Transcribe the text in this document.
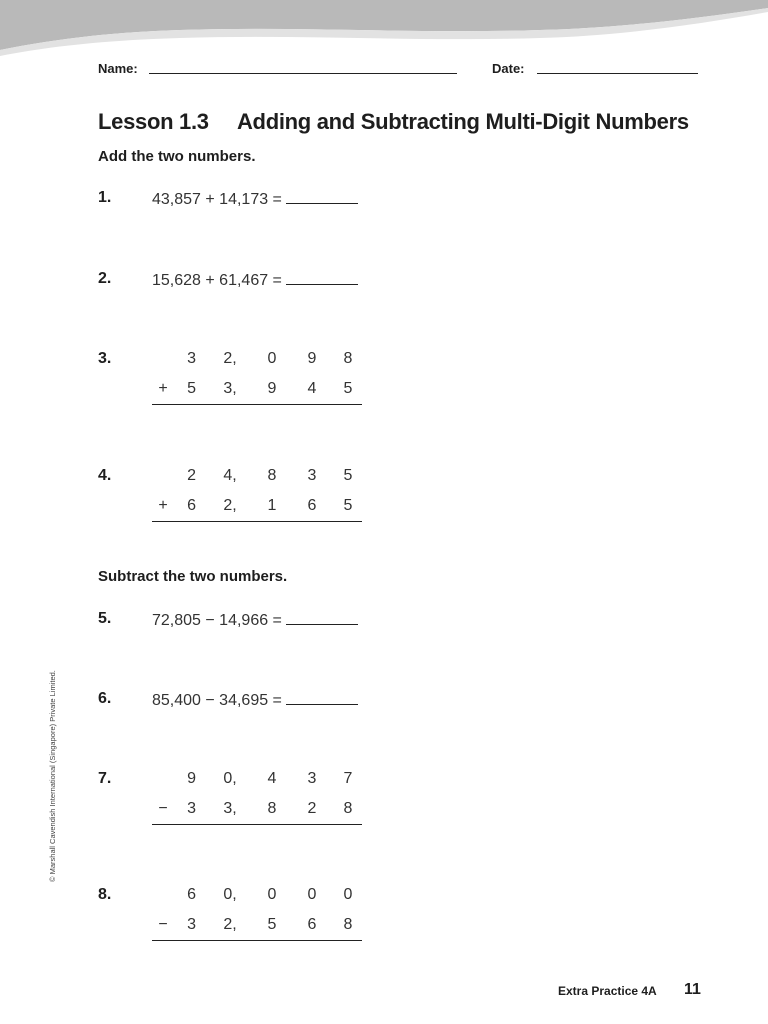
Name:	Date:
Lesson 1.3     Adding and Subtracting Multi-Digit Numbers
Add the two numbers.
1.	43,857 + 14,173 =
2.	15,628 + 61,467 =
3.	3	2,	0	9	8
+	5	3,	9	4	5
4.	2	4,	8	3	5
+	6	2,	1	6	5
Subtract the two numbers.
5.	72,805 − 14,966 =
6.	85,400 − 34,695 =
7.	9	0,	4	3	7
−	3	3,	8	2	8
8.	6	0,	0	0	0
−	3	2,	5	6	8
© Marshall Cavendish International (Singapore) Private Limited.
Extra Practice 4A 11
